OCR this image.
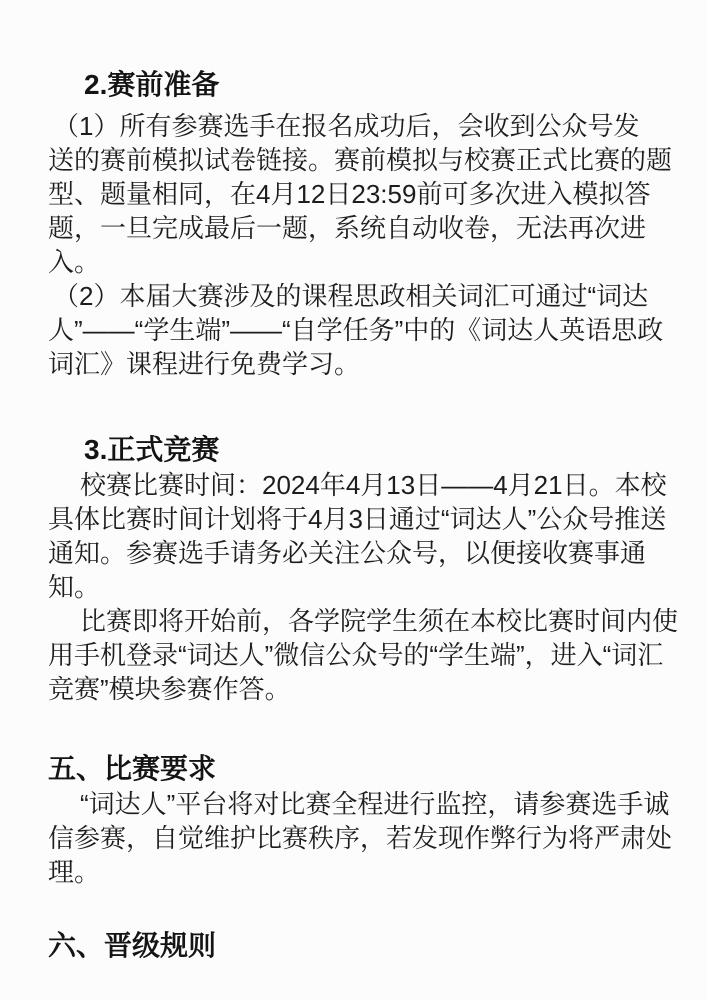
2.赛前准备
（1）所有参赛选手在报名成功后，会收到公众号发
送的赛前模拟试卷链接。赛前模拟与校赛正式比赛的题
型、题量相同，在4月12日23:59前可多次进入模拟答
题，一旦完成最后一题，系统自动收卷，无法再次进
入。
（2）本届大赛涉及的课程思政相关词汇可通过“词达
人”——“学生端”——“自学任务”中的《词达人英语思政
词汇》课程进行免费学习。
3.正式竞赛
校赛比赛时间：2024年4月13日——4月21日。本校
具体比赛时间计划将于4月3日通过“词达人”公众号推送
通知。参赛选手请务必关注公众号，以便接收赛事通
知。
比赛即将开始前，各学院学生须在本校比赛时间内使
用手机登录“词达人”微信公众号的“学生端”，进入“词汇
竞赛”模块参赛作答。
五、比赛要求
“词达人”平台将对比赛全程进行监控，请参赛选手诚
信参赛，自觉维护比赛秩序，若发现作弊行为将严肃处
理。
六、晋级规则
